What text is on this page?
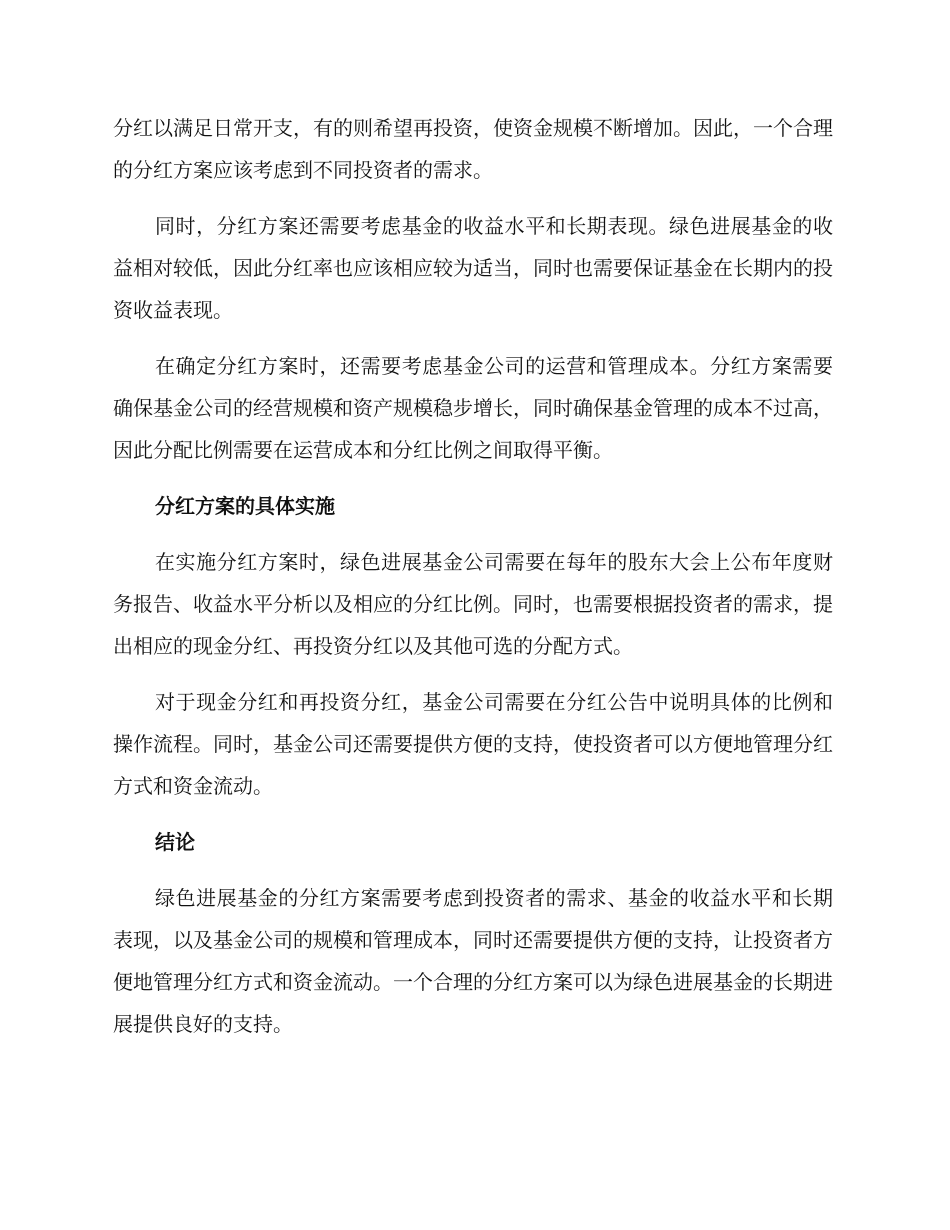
分红以满足日常开支，有的则希望再投资，使资金规模不断增加。因此，一个合理的分红方案应该考虑到不同投资者的需求。

同时，分红方案还需要考虑基金的收益水平和长期表现。绿色进展基金的收益相对较低，因此分红率也应该相应较为适当，同时也需要保证基金在长期内的投资收益表现。

在确定分红方案时，还需要考虑基金公司的运营和管理成本。分红方案需要确保基金公司的经营规模和资产规模稳步增长，同时确保基金管理的成本不过高，因此分配比例需要在运营成本和分红比例之间取得平衡。

分红方案的具体实施

在实施分红方案时，绿色进展基金公司需要在每年的股东大会上公布年度财务报告、收益水平分析以及相应的分红比例。同时，也需要根据投资者的需求，提出相应的现金分红、再投资分红以及其他可选的分配方式。

对于现金分红和再投资分红，基金公司需要在分红公告中说明具体的比例和操作流程。同时，基金公司还需要提供方便的支持，使投资者可以方便地管理分红方式和资金流动。

结论

绿色进展基金的分红方案需要考虑到投资者的需求、基金的收益水平和长期表现，以及基金公司的规模和管理成本，同时还需要提供方便的支持，让投资者方便地管理分红方式和资金流动。一个合理的分红方案可以为绿色进展基金的长期进展提供良好的支持。
